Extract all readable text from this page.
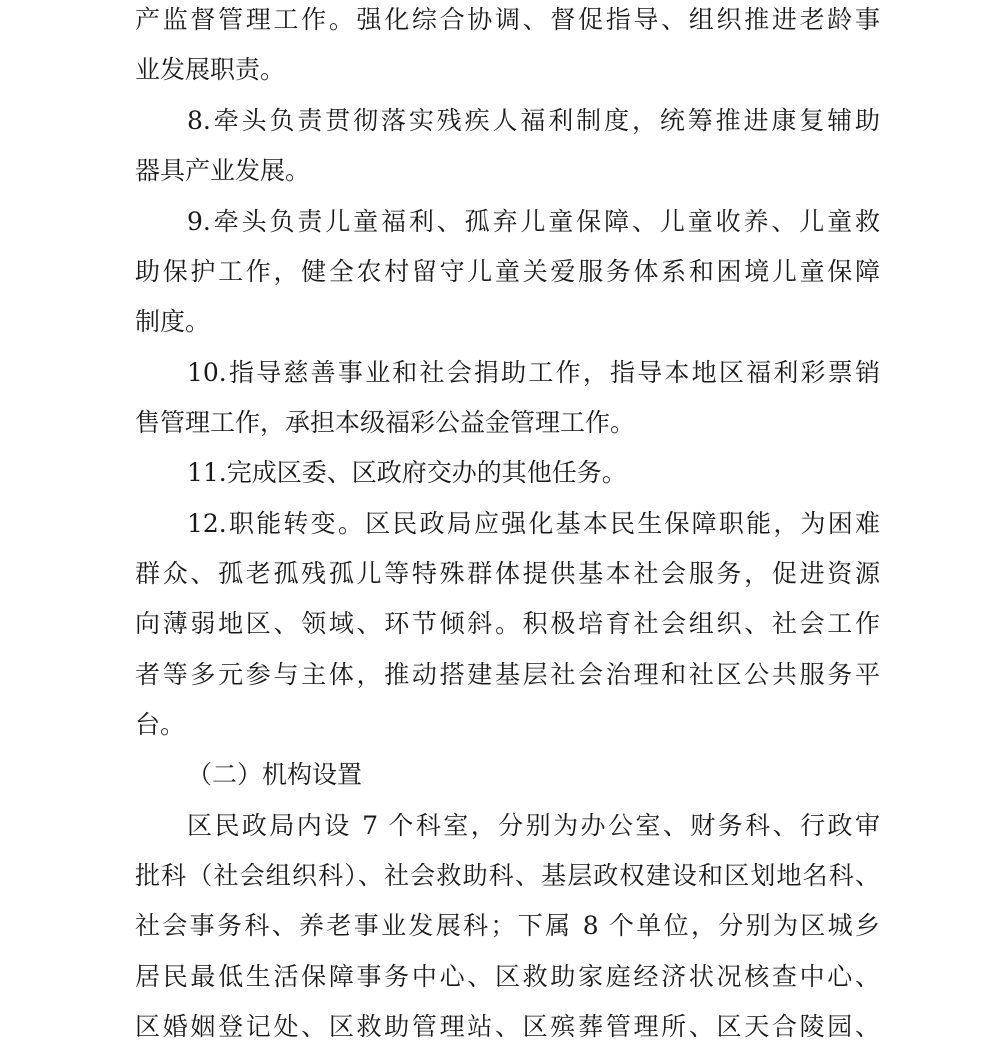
产监督管理工作。强化综合协调、督促指导、组织推进老龄事
业发展职责。
8.牵头负责贯彻落实残疾人福利制度，统筹推进康复辅助
器具产业发展。
9.牵头负责儿童福利、孤弃儿童保障、儿童收养、儿童救
助保护工作，健全农村留守儿童关爱服务体系和困境儿童保障
制度。
10.指导慈善事业和社会捐助工作，指导本地区福利彩票销
售管理工作，承担本级福彩公益金管理工作。
11.完成区委、区政府交办的其他任务。
12.职能转变。区民政局应强化基本民生保障职能，为困难
群众、孤老孤残孤儿等特殊群体提供基本社会服务，促进资源
向薄弱地区、领域、环节倾斜。积极培育社会组织、社会工作
者等多元参与主体，推动搭建基层社会治理和社区公共服务平
台。
（二）机构设置
区民政局内设 7 个科室，分别为办公室、财务科、行政审
批科（社会组织科）、社会救助科、基层政权建设和区划地名科、
社会事务科、养老事业发展科；下属 8 个单位，分别为区城乡
居民最低生活保障事务中心、区救助家庭经济状况核查中心、
区婚姻登记处、区救助管理站、区殡葬管理所、区天合陵园、
